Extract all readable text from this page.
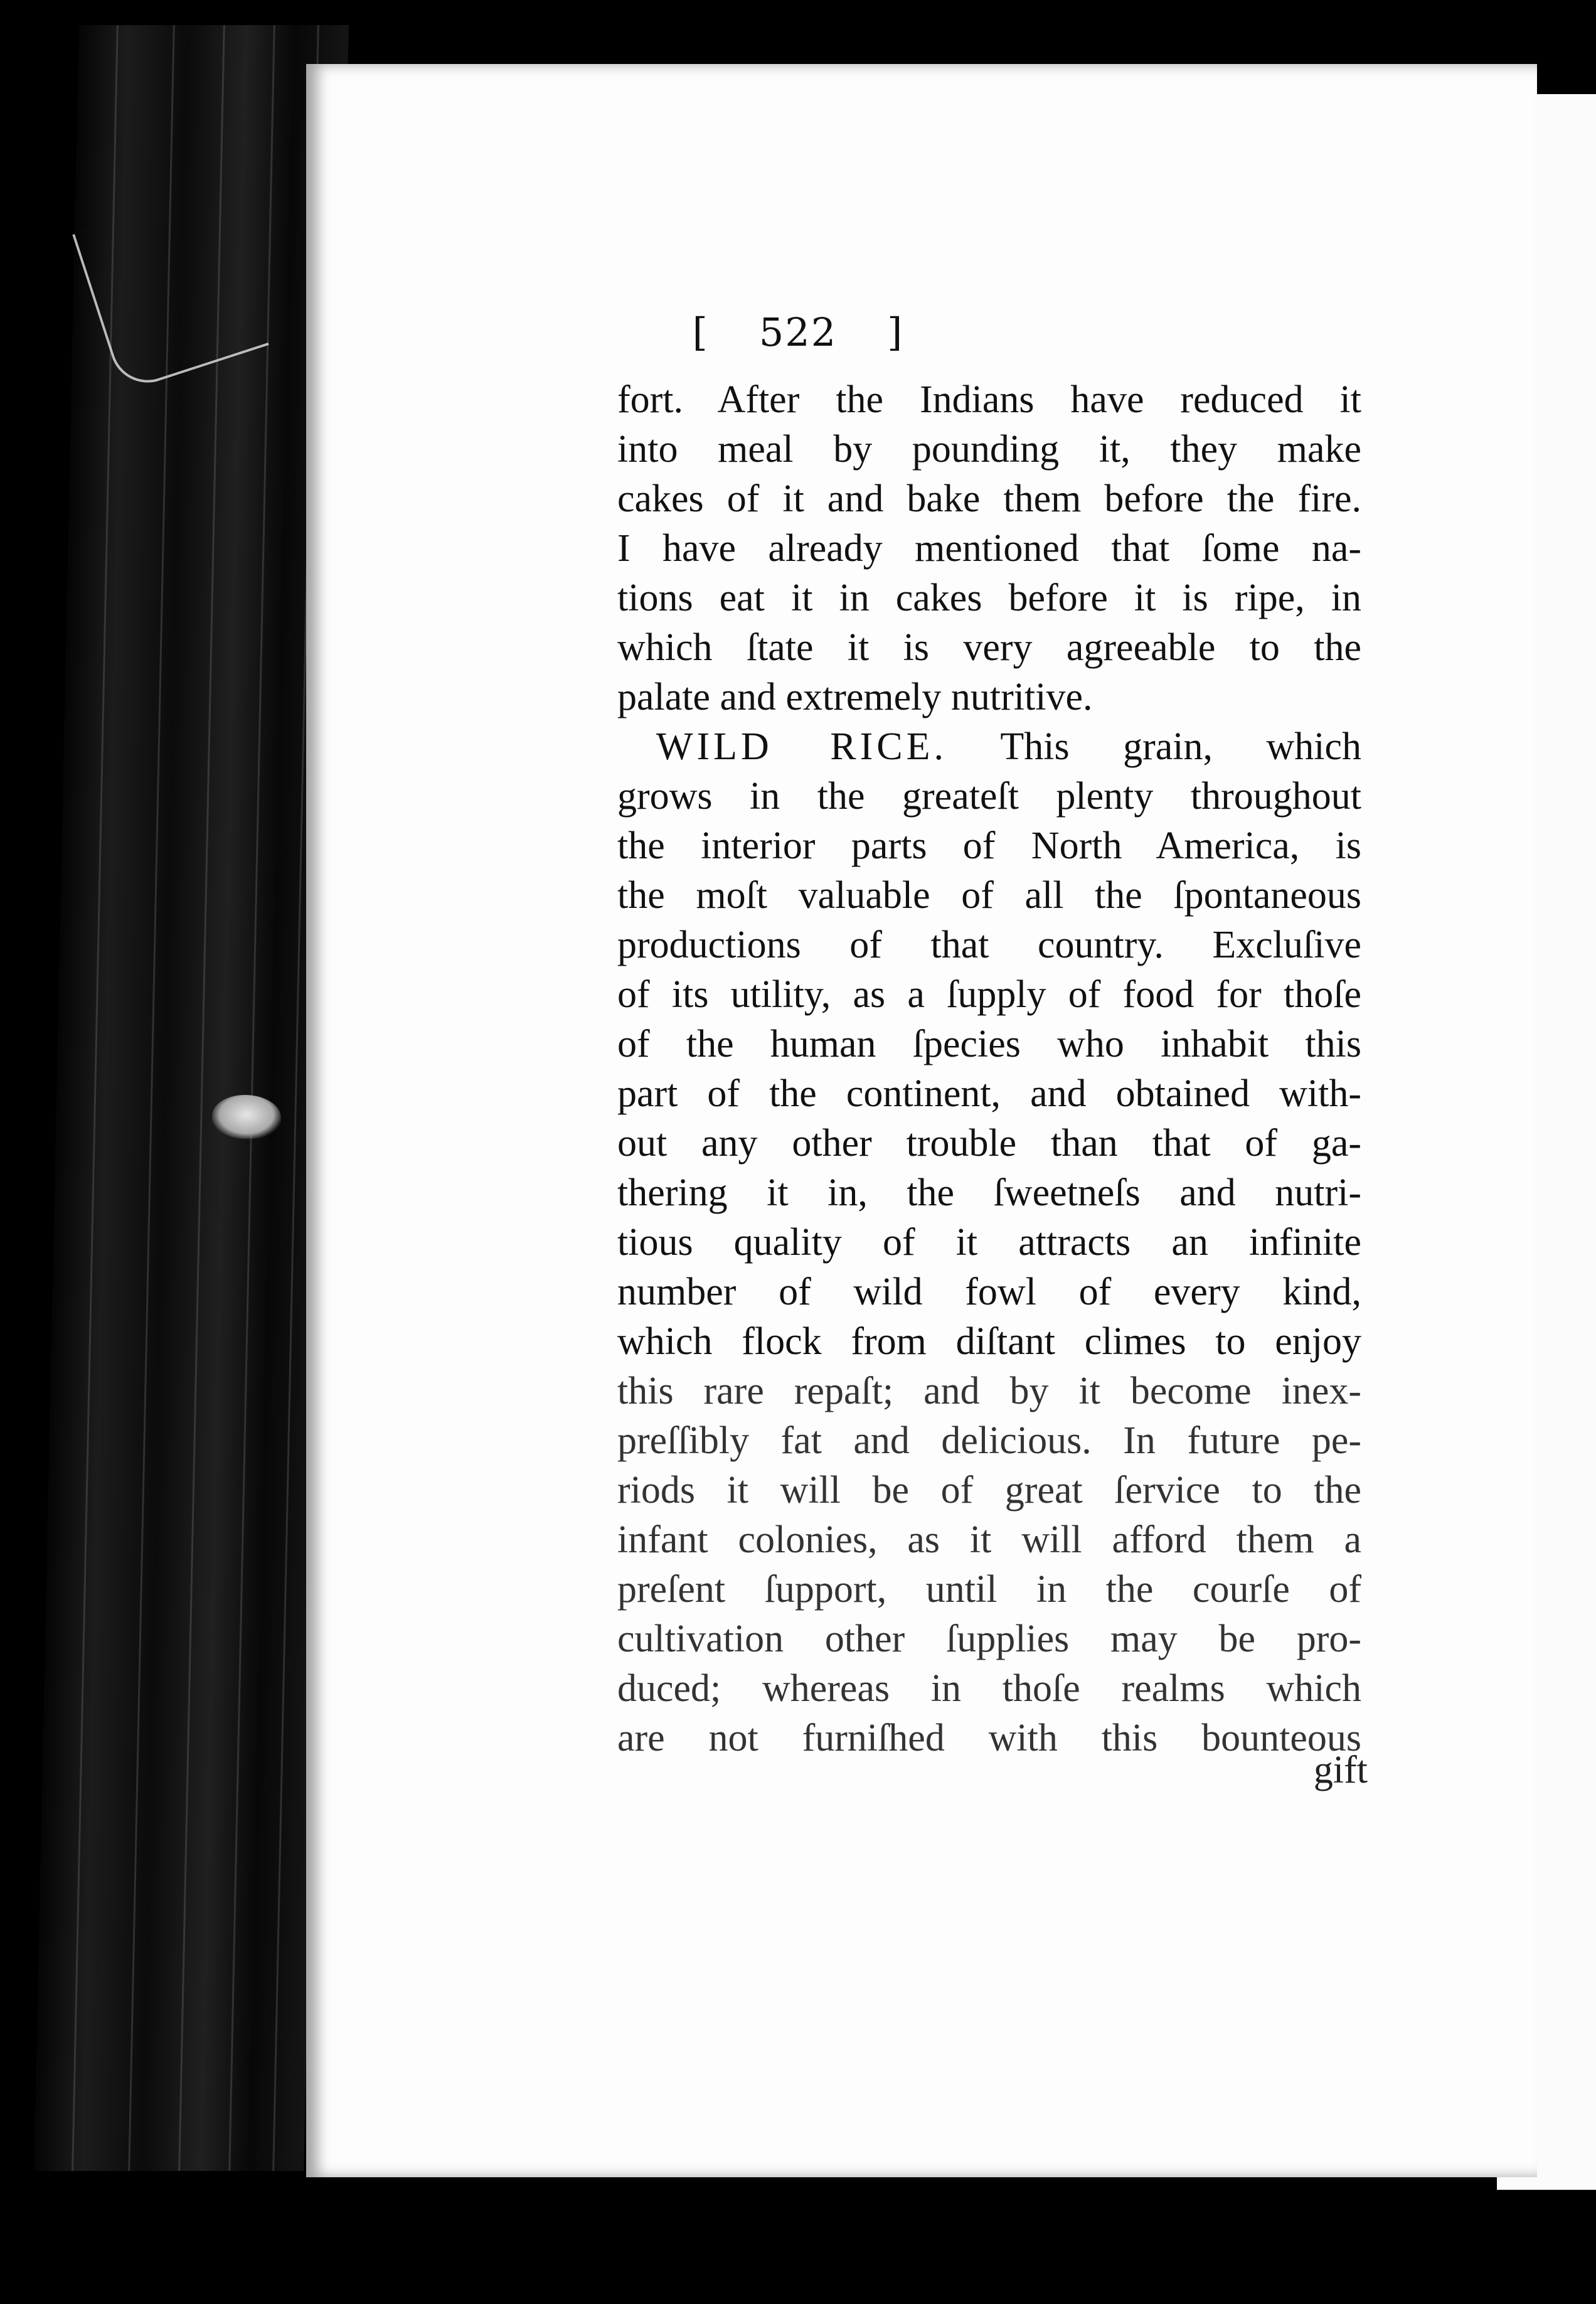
[ 522 ]
fort. After the Indians have reduced it
into meal by pounding it, they make
cakes of it and bake them before the fire.
I have already mentioned that ſome na-
tions eat it in cakes before it is ripe, in
which ſtate it is very agreeable to the
palate and extremely nutritive.
WILD RICE. This grain, which
grows in the greateſt plenty throughout
the interior parts of North America, is
the moſt valuable of all the ſpontaneous
productions of that country. Excluſive
of its utility, as a ſupply of food for thoſe
of the human ſpecies who inhabit this
part of the continent, and obtained with-
out any other trouble than that of ga-
thering it in, the ſweetneſs and nutri-
tious quality of it attracts an infinite
number of wild fowl of every kind,
which flock from diſtant climes to enjoy
this rare repaſt; and by it become inex-
preſſibly fat and delicious. In future pe-
riods it will be of great ſervice to the
infant colonies, as it will afford them a
preſent ſupport, until in the courſe of
cultivation other ſupplies may be pro-
duced; whereas in thoſe realms which
are not furniſhed with this bounteous
gift
